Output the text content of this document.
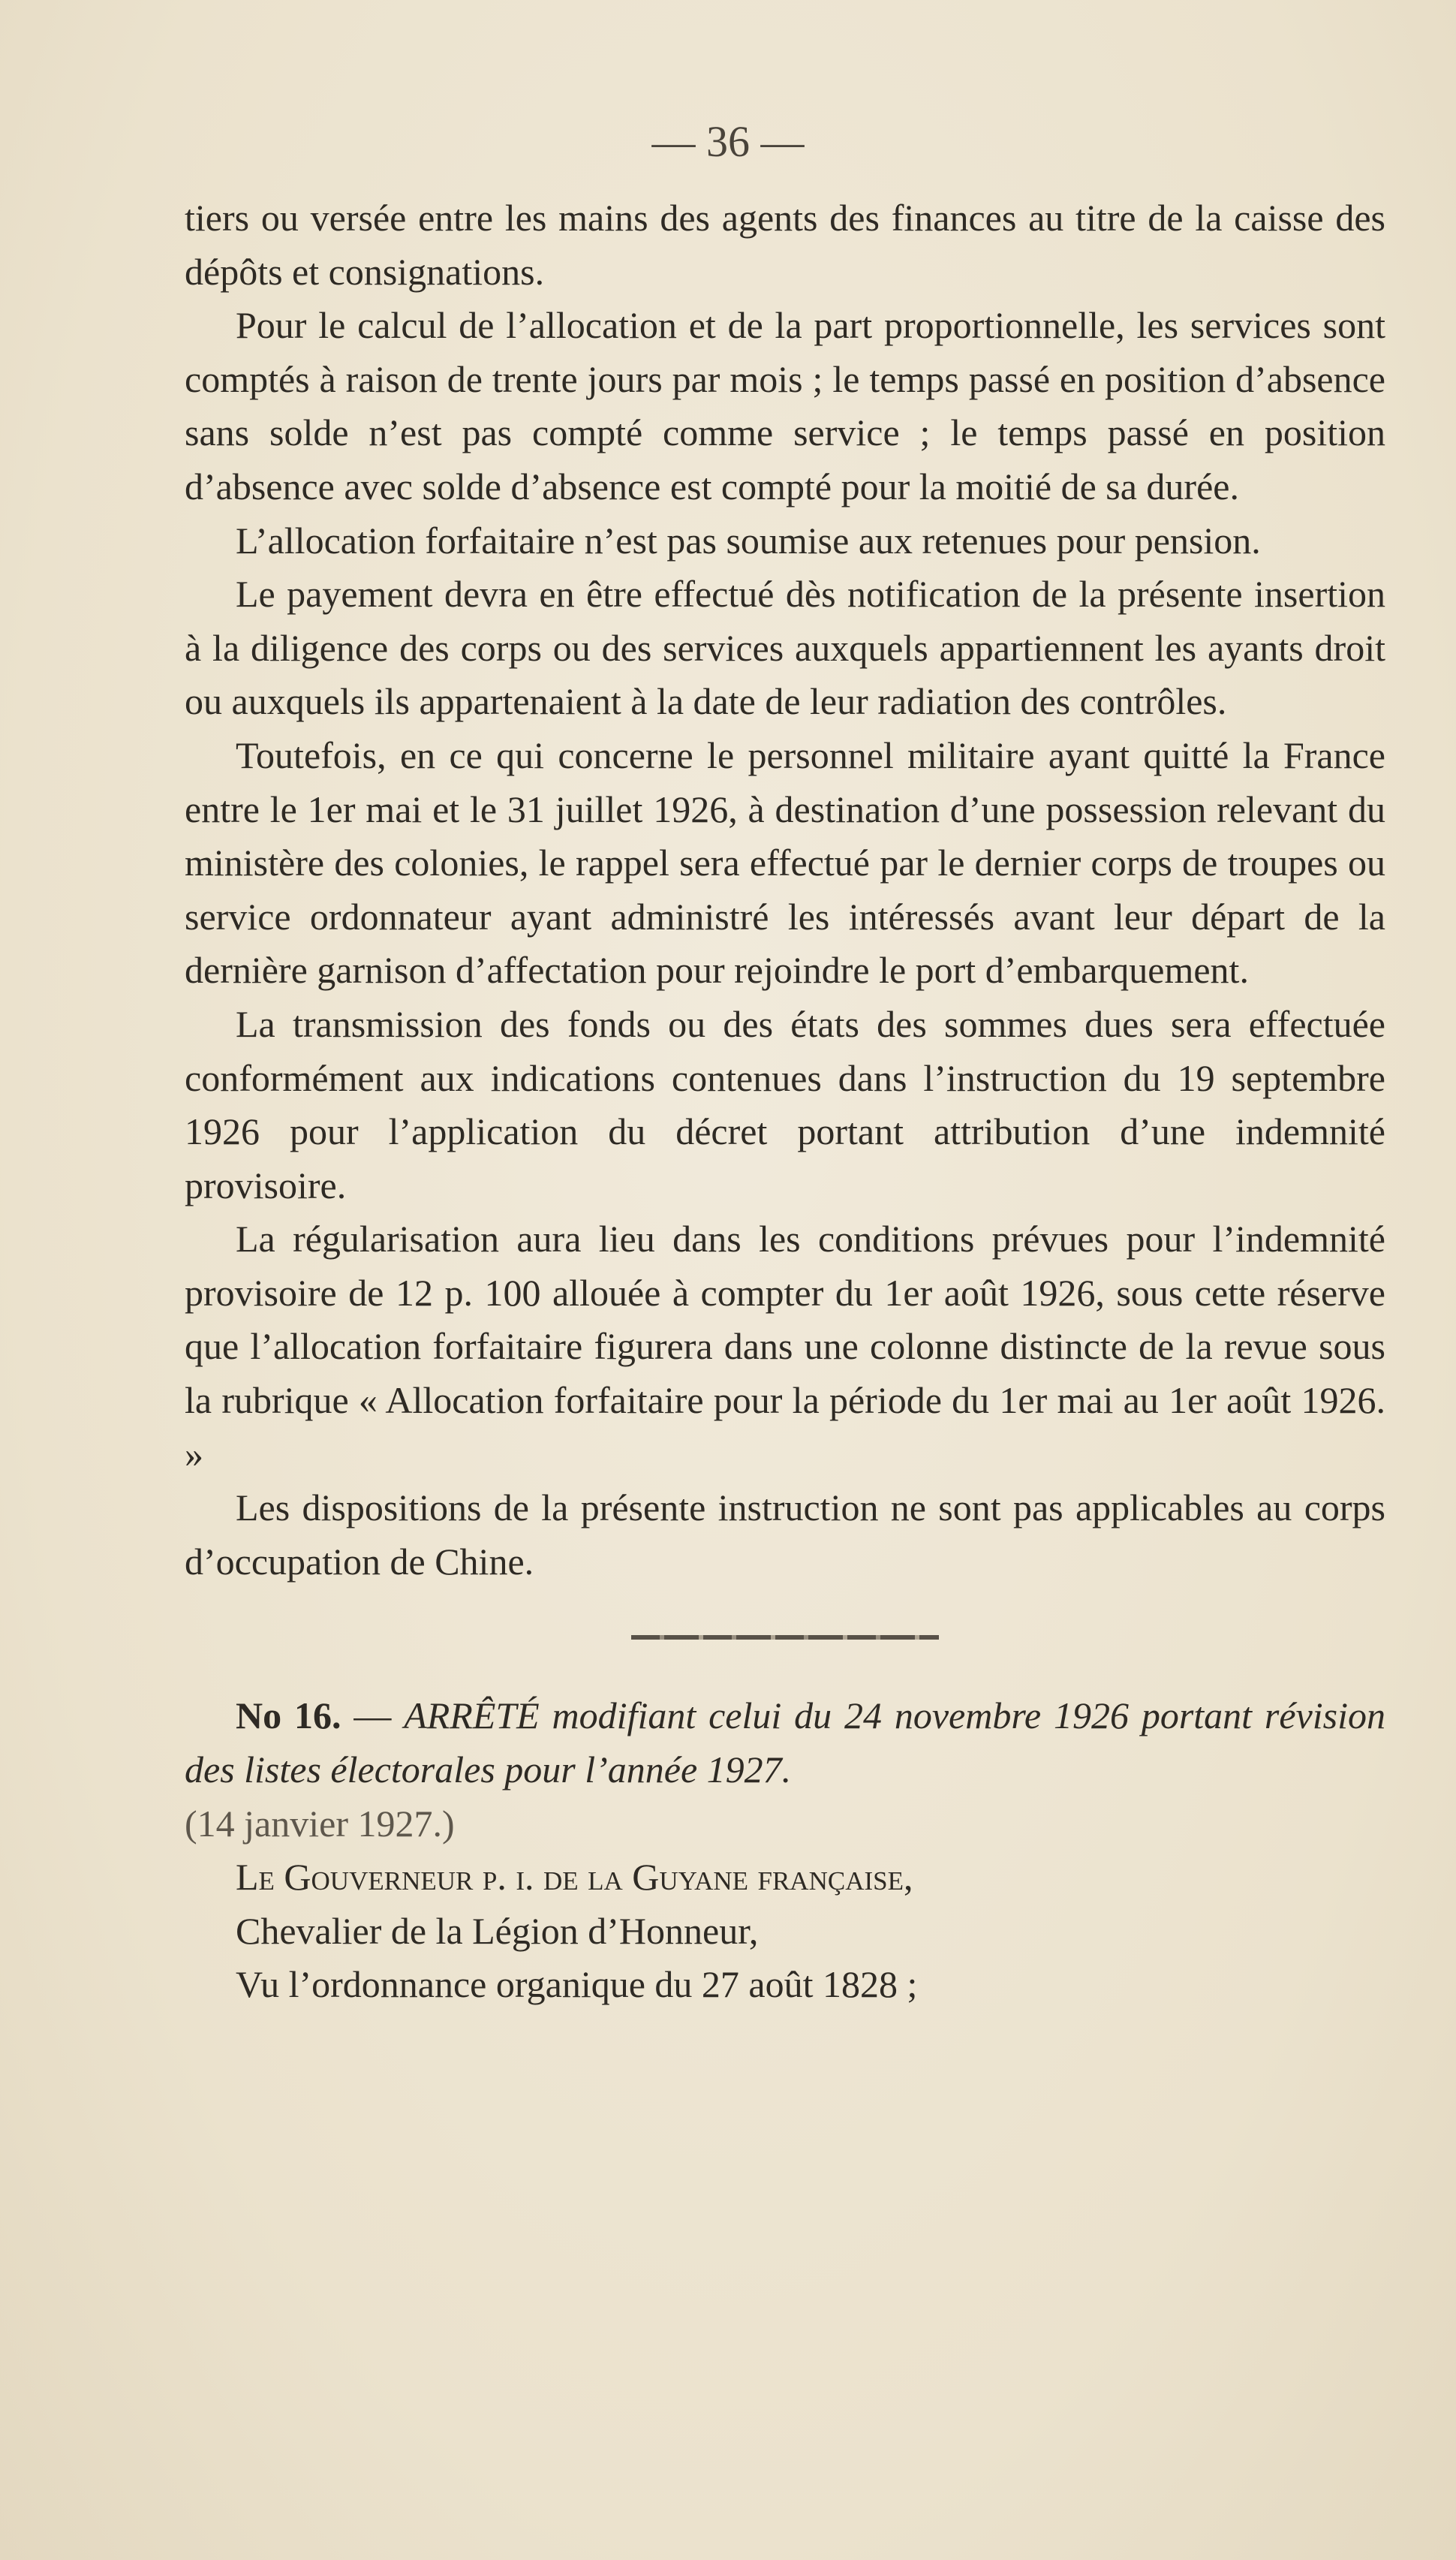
— 36 —

tiers ou versée entre les mains des agents des finances au titre de la caisse des dépôts et consignations.

Pour le calcul de l’allocation et de la part proportionnelle, les services sont comptés à raison de trente jours par mois ; le temps passé en position d’absence sans solde n’est pas compté comme service ; le temps passé en position d’absence avec solde d’absence est compté pour la moitié de sa durée.

L’allocation forfaitaire n’est pas soumise aux retenues pour pension.

Le payement devra en être effectué dès notification de la présente insertion à la diligence des corps ou des services auxquels appartiennent les ayants droit ou auxquels ils appartenaient à la date de leur radiation des contrôles.

Toutefois, en ce qui concerne le personnel militaire ayant quitté la France entre le 1er mai et le 31 juillet 1926, à destination d’une possession relevant du ministère des colonies, le rappel sera effectué par le dernier corps de troupes ou service ordonnateur ayant administré les intéressés avant leur départ de la dernière garnison d’affectation pour rejoindre le port d’embarquement.

La transmission des fonds ou des états des sommes dues sera effectuée conformément aux indications contenues dans l’instruction du 19 septembre 1926 pour l’application du décret portant attribution d’une indemnité provisoire.

La régularisation aura lieu dans les conditions prévues pour l’indemnité provisoire de 12 p. 100 allouée à compter du 1er août 1926, sous cette réserve que l’allocation forfaitaire figurera dans une colonne distincte de la revue sous la rubrique « Allocation forfaitaire pour la période du 1er mai au 1er août 1926. »

Les dispositions de la présente instruction ne sont pas applicables au corps d’occupation de Chine.

No 16. — ARRÊTÉ modifiant celui du 24 novembre 1926 portant révision des listes électorales pour l’année 1927.

(14 janvier 1927.)

Le Gouverneur p. i. de la Guyane française,

Chevalier de la Légion d’Honneur,

Vu l’ordonnance organique du 27 août 1828 ;
